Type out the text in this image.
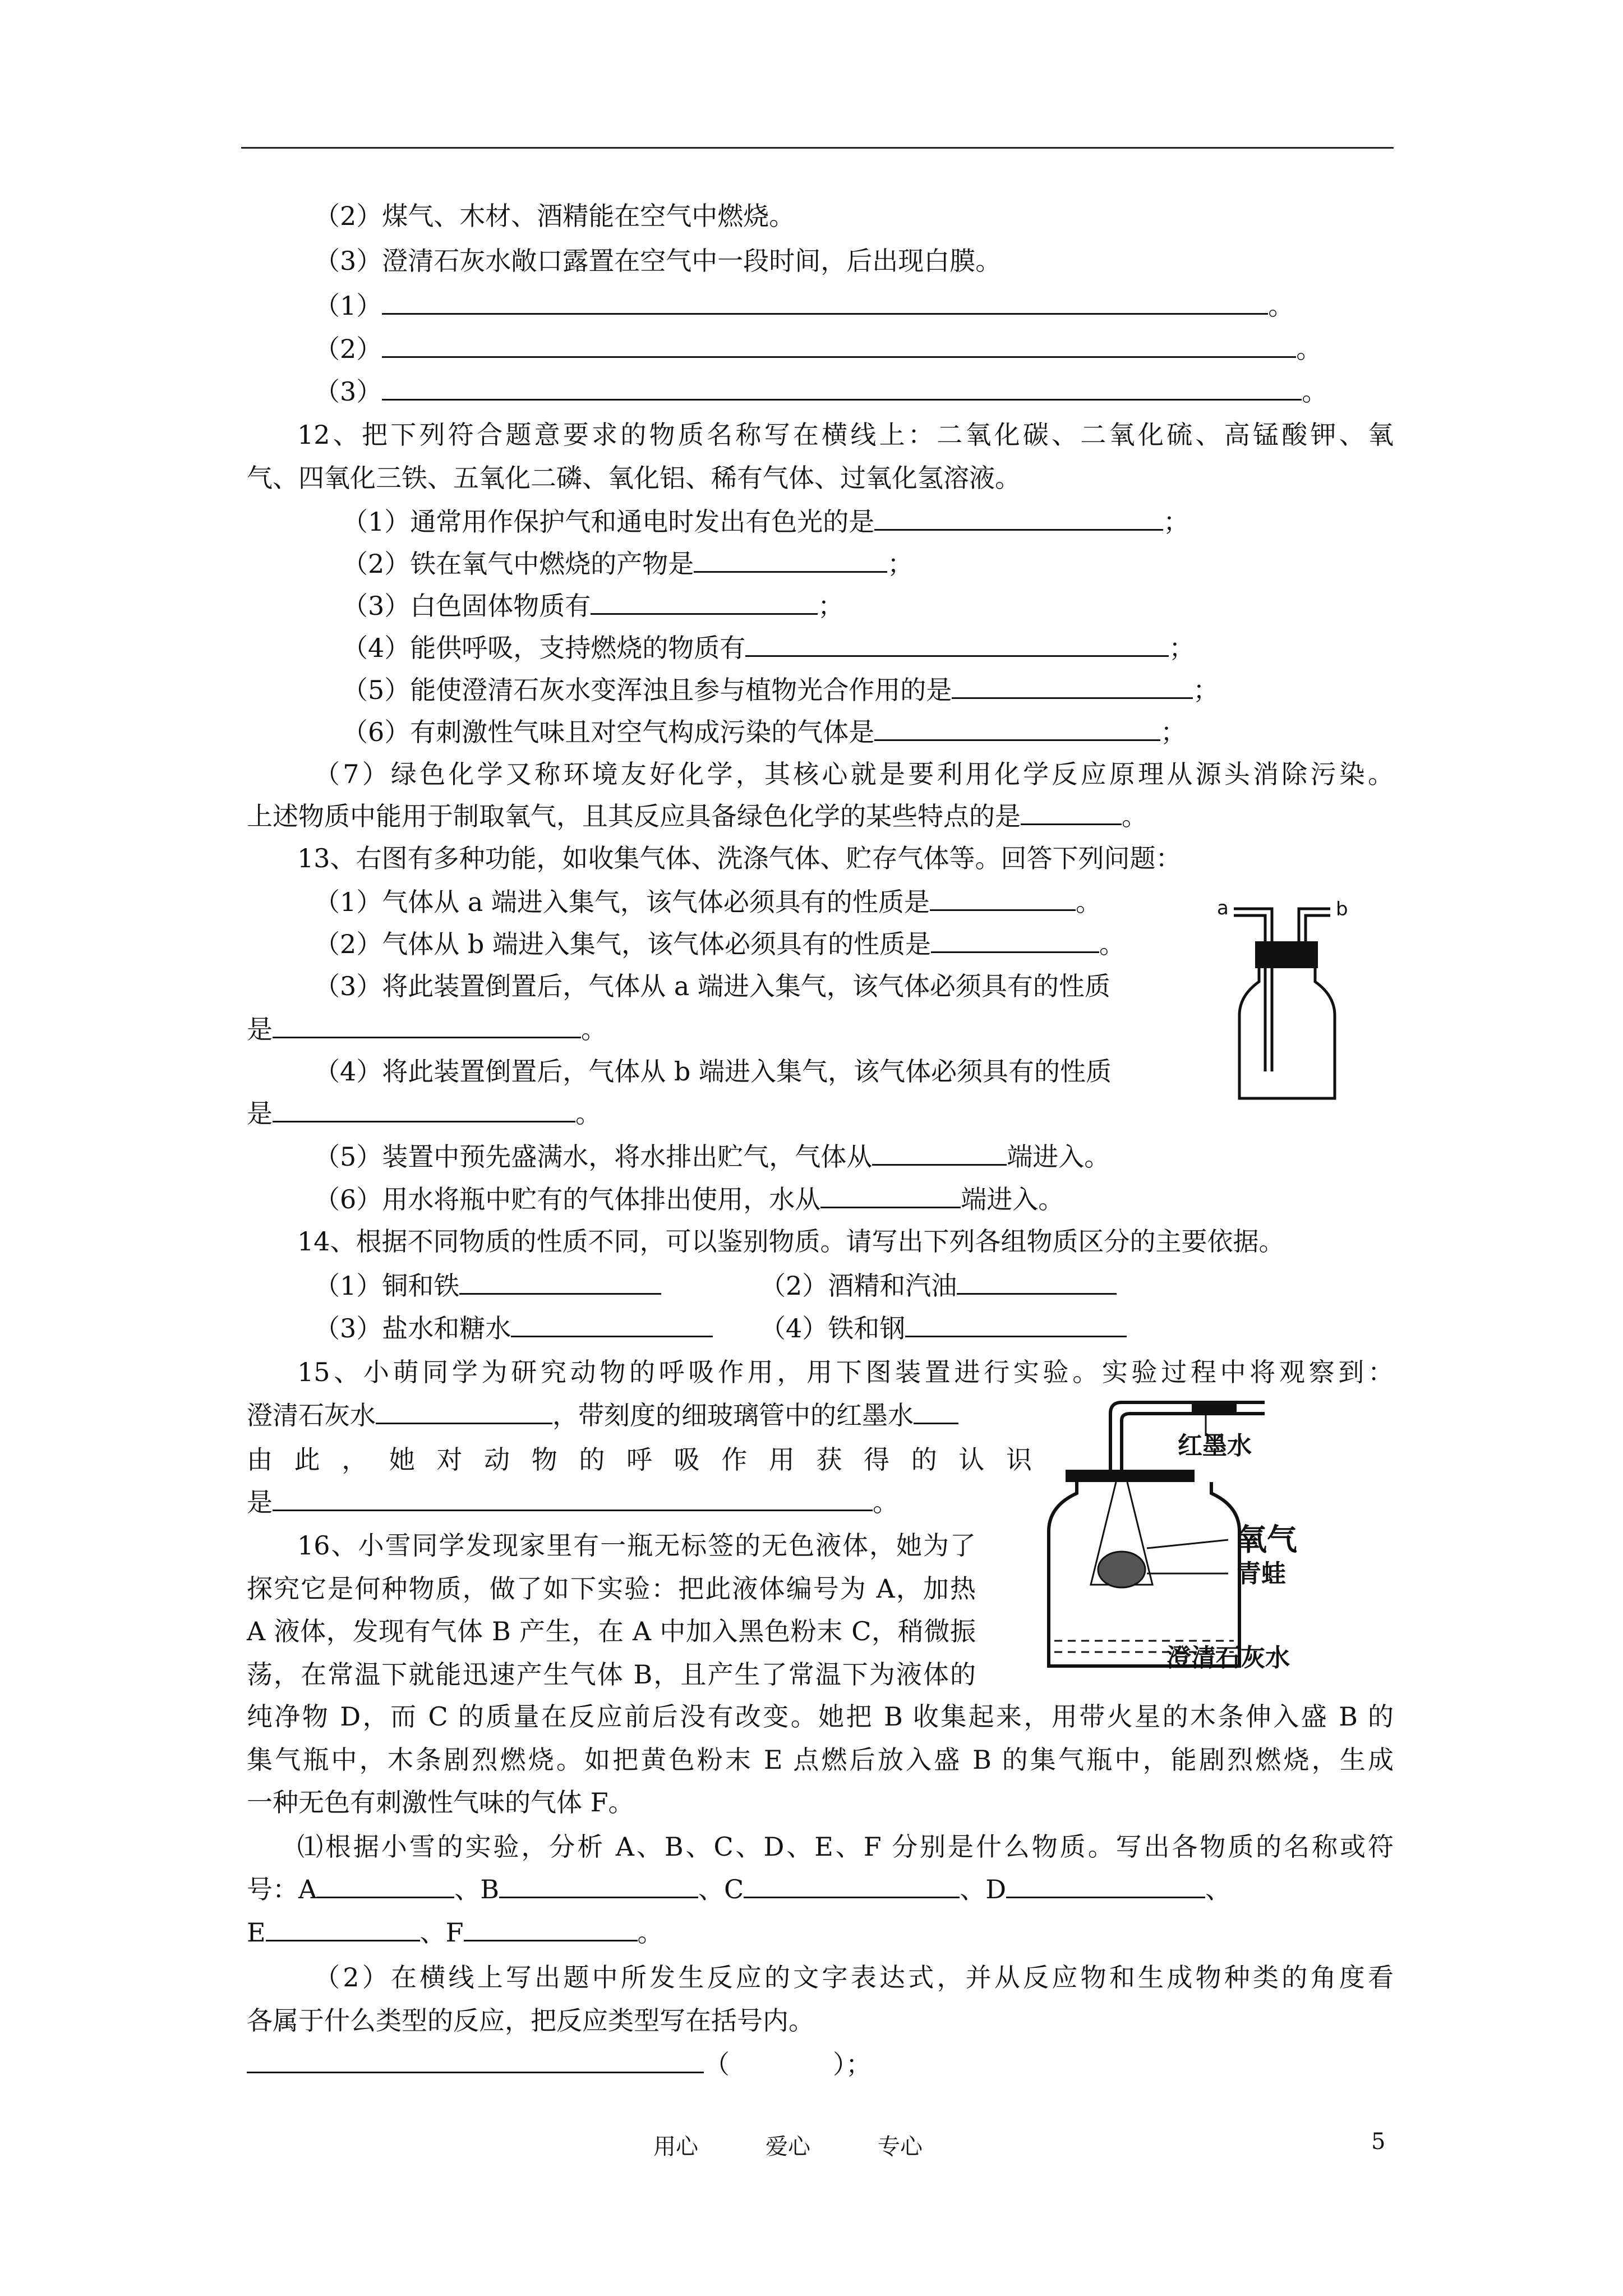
（2）煤气、木材、酒精能在空气中燃烧。
（3）澄清石灰水敞口露置在空气中一段时间，后出现白膜。
（1）	。
（2）	。
（3）	。
12、把下列符合题意要求的物质名称写在横线上：二氧化碳、二氧化硫、高锰酸钾、氧
气、四氧化三铁、五氧化二磷、氧化铝、稀有气体、过氧化氢溶液。
（1）通常用作保护气和通电时发出有色光的是	；
（2）铁在氧气中燃烧的产物是	；
（3）白色固体物质有	；
（4）能供呼吸，支持燃烧的物质有	；
（5）能使澄清石灰水变浑浊且参与植物光合作用的是	；
（6）有刺激性气味且对空气构成污染的气体是	；
（7）绿色化学又称环境友好化学，其核心就是要利用化学反应原理从源头消除污染。
上述物质中能用于制取氧气，且其反应具备绿色化学的某些特点的是	。
13、右图有多种功能，如收集气体、洗涤气体、贮存气体等。回答下列问题：
（1）气体从 a 端进入集气，该气体必须具有的性质是	。
（2）气体从 b 端进入集气，该气体必须具有的性质是	。
（3）将此装置倒置后，气体从 a 端进入集气，该气体必须具有的性质
是	。
（4）将此装置倒置后，气体从 b 端进入集气，该气体必须具有的性质
是	。
（5）装置中预先盛满水，将水排出贮气，气体从	端进入。
（6）用水将瓶中贮有的气体排出使用，水从	端进入。
a	b
14、根据不同物质的性质不同，可以鉴别物质。请写出下列各组物质区分的主要依据。
（1）铜和铁	（2）酒精和汽油
（3）盐水和糖水	（4）铁和钢
15、小萌同学为研究动物的呼吸作用，用下图装置进行实验。实验过程中将观察到：
澄清石灰水	，带刻度的细玻璃管中的红墨水
由此，她对动物的呼吸作用获得的认识
是	。
红墨水
氧气
青蛙
澄清石灰水
16、小雪同学发现家里有一瓶无标签的无色液体，她为了
探究它是何种物质，做了如下实验：把此液体编号为 A，加热
A 液体，发现有气体 B 产生，在 A 中加入黑色粉末 C，稍微振
荡，在常温下就能迅速产生气体 B，且产生了常温下为液体的
纯净物 D，而 C 的质量在反应前后没有改变。她把 B 收集起来，用带火星的木条伸入盛 B 的
集气瓶中，木条剧烈燃烧。如把黄色粉末 E 点燃后放入盛 B 的集气瓶中，能剧烈燃烧，生成
一种无色有刺激性气味的气体 F。
⑴根据小雪的实验，分析 A、B、C、D、E、F 分别是什么物质。写出各物质的名称或符
号：A	、B	、C	、D	、
E	、F	。
（2）在横线上写出题中所发生反应的文字表达式，并从反应物和生成物种类的角度看
各属于什么类型的反应，把反应类型写在括号内。
（　　　　）；
用心	爱心	专心	5
